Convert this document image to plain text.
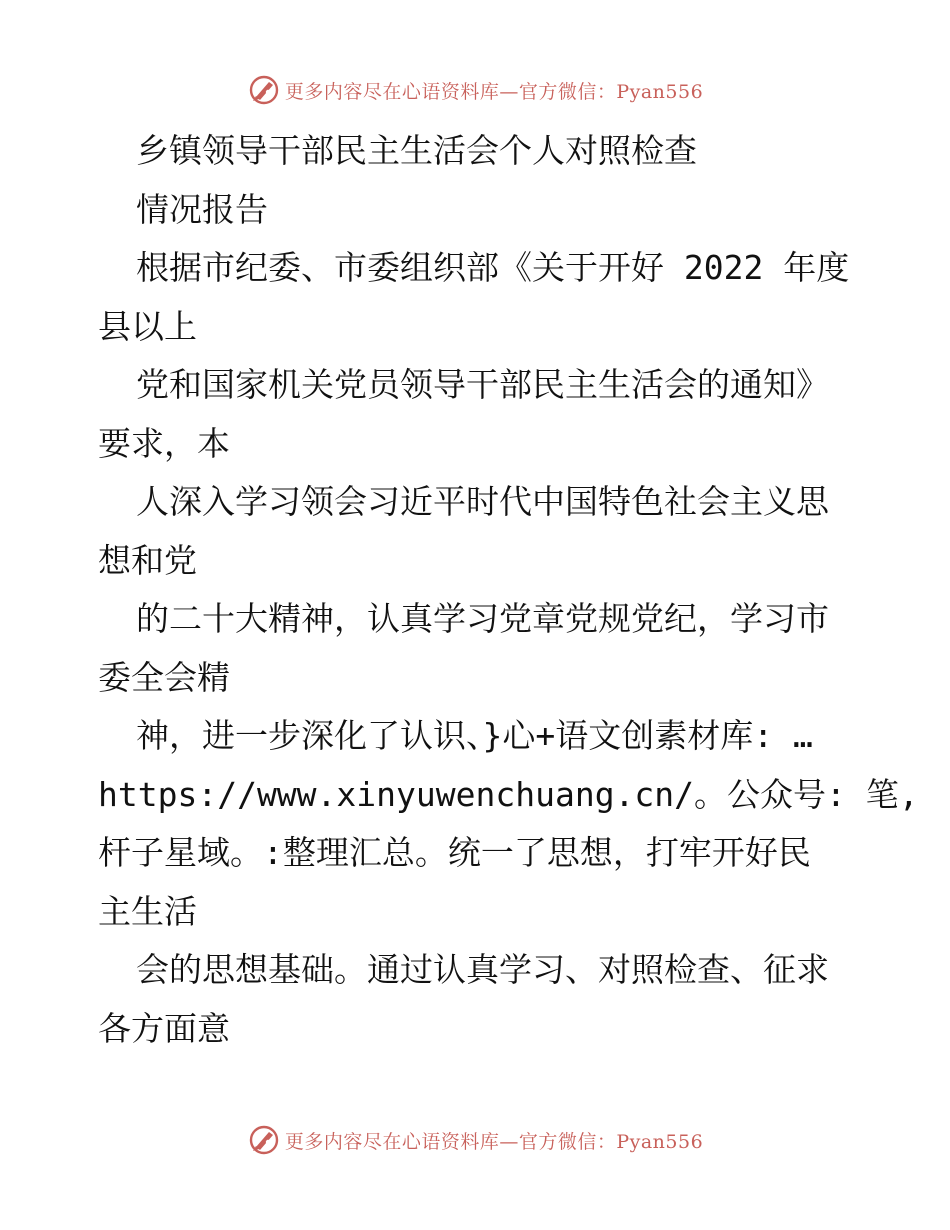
更多内容尽在心语资料库—官方微信：Pyan556

乡镇领导干部民主生活会个人对照检查

情况报告

根据市纪委、市委组织部《关于开好 2022 年度

县以上

党和国家机关党员领导干部民主生活会的通知》

要求，本

人深入学习领会习近平时代中国特色社会主义思

想和党

的二十大精神，认真学习党章党规党纪，学习市

委全会精

神，进一步深化了认识、}心+语文创素材库: …

https://www.xinyuwenchuang.cn/。公众号: 笔,

杆子星域。:整理汇总。统一了思想，打牢开好民

主生活

会的思想基础。通过认真学习、对照检查、征求

各方面意

更多内容尽在心语资料库—官方微信：Pyan556
